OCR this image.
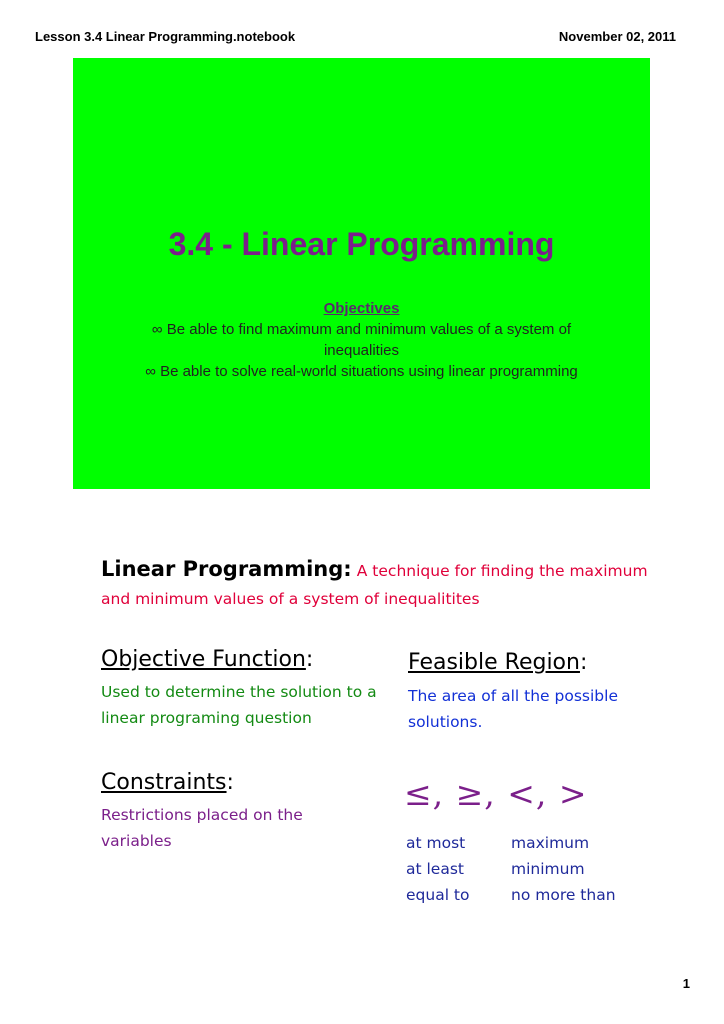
Lesson 3.4 Linear Programming.notebook	November 02, 2011
3.4 - Linear Programming
Objectives
∞ Be able to find maximum and minimum values of a system of inequalities
∞ Be able to solve real-world situations using linear programming
Linear Programming: A technique for finding the maximum and minimum values of a system of inequalitites
Objective Function:
Used to determine the solution to a linear programing question
Feasible Region:
The area of all the possible solutions.
Constraints:
Restrictions placed on the variables
≤, ≥, <, >
at most
at least
equal to
maximum
minimum
no more than
1
